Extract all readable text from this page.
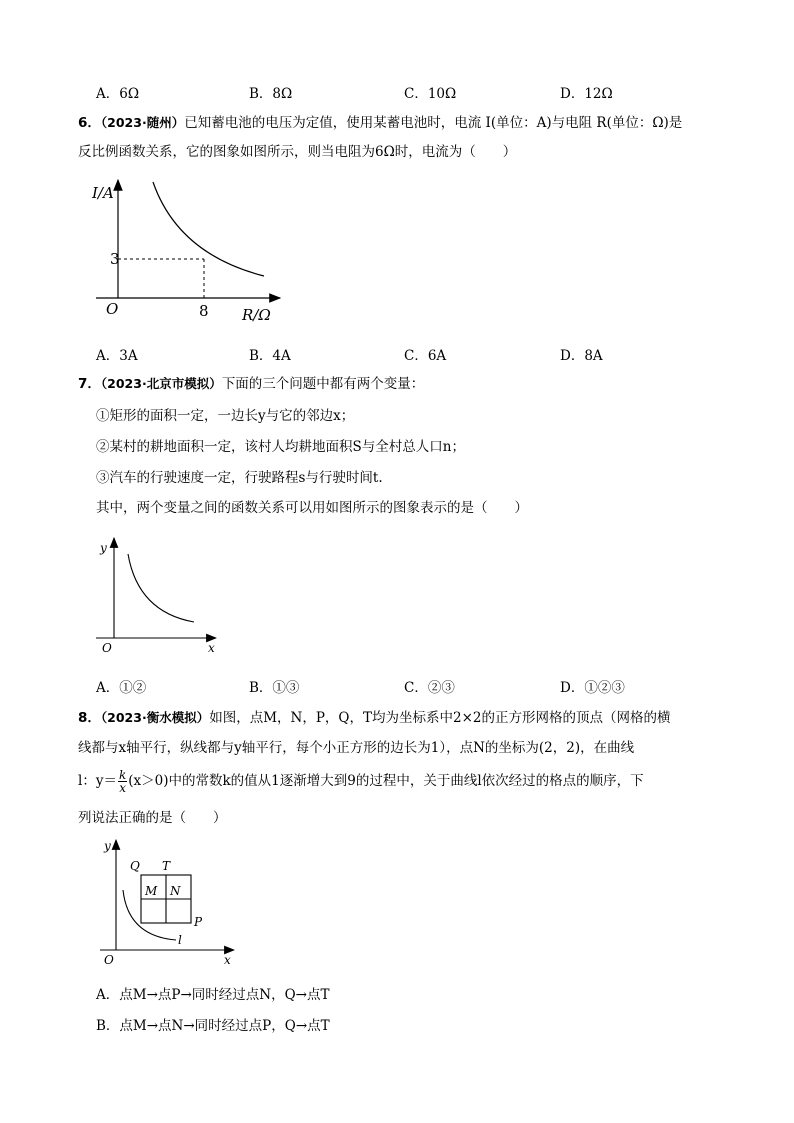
A．6Ω	B．8Ω	C．10Ω	D．12Ω
6．（2023·随州）已知蓄电池的电压为定值，使用某蓄电池时，电流 I(单位：A)与电阻 R(单位：Ω)是
反比例函数关系，它的图象如图所示，则当电阻为6Ω时，电流为（　　）
I/A
3
O	8 R/Ω
A．3A	B．4A	C．6A	D．8A
7．（2023·北京市模拟）下面的三个问题中都有两个变量：
①矩形的面积一定，一边长y与它的邻边x；
②某村的耕地面积一定，该村人均耕地面积S与全村总人口n；
③汽车的行驶速度一定，行驶路程s与行驶时间t.
其中，两个变量之间的函数关系可以用如图所示的图象表示的是（　　）
y
O	x
A．①②	B．①③	C．②③	D．①②③
8．（2023·衡水模拟）如图，点M，N，P，Q，T均为坐标系中2×2的正方形网格的顶点（网格的横
线都与x轴平行，纵线都与y轴平行，每个小正方形的边长为1），点N的坐标为(2，2)，在曲线
l：$y= \frac{k}{x} (x>0)$中的常数k的值从1逐渐增大到9的过程中，关于曲线l依次经过的格点的顺序，下
列说法正确的是（　　）
y
Q T
M N
P
l
O	x
A．点M→点P→同时经过点N，Q→点T
B．点M→点N→同时经过点P，Q→点T
